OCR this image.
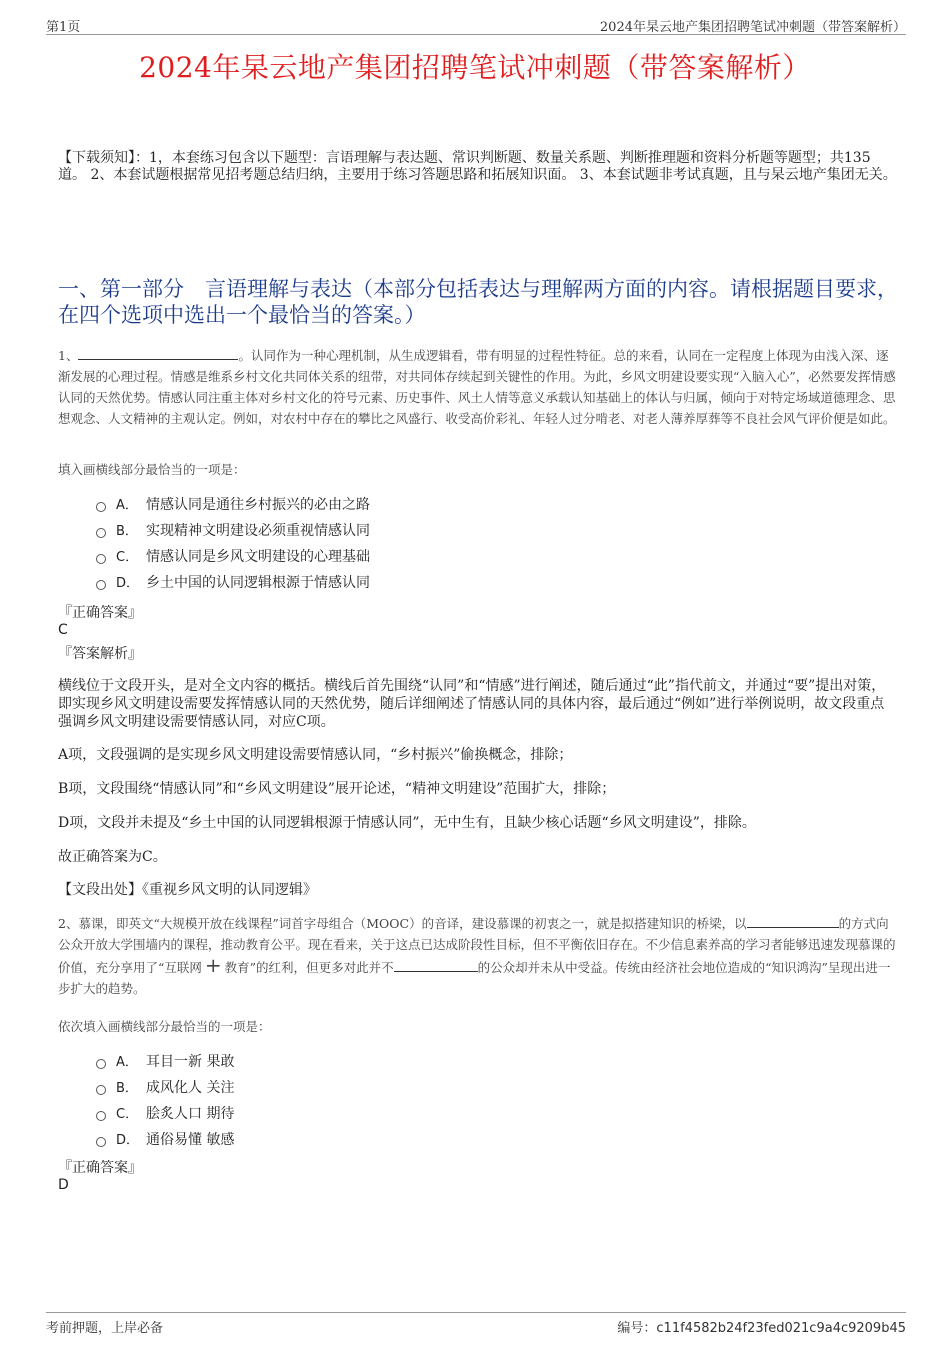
第1页	2024年杲云地产集团招聘笔试冲刺题（带答案解析）
2024年杲云地产集团招聘笔试冲刺题（带答案解析）
【下载须知】：1，本套练习包含以下题型：言语理解与表达题、常识判断题、数量关系题、判断推理题和资料分析题等题型；共135道。 2、本套试题根据常见招考题总结归纳，主要用于练习答题思路和拓展知识面。 3、本套试题非考试真题，且与杲云地产集团无关。
一、第一部分　言语理解与表达（本部分包括表达与理解两方面的内容。请根据题目要求，在四个选项中选出一个最恰当的答案。）
1、	。认同作为一种心理机制，从生成逻辑看，带有明显的过程性特征。总的来看，认同在一定程度上体现为由浅入深、逐渐发展的心理过程。情感是维系乡村文化共同体关系的纽带，对共同体存续起到关键性的作用。为此，乡风文明建设要实现“入脑入心”，必然要发挥情感认同的天然优势。情感认同注重主体对乡村文化的符号元素、历史事件、风土人情等意义承载认知基础上的体认与归属，倾向于对特定场域道德理念、思想观念、人文精神的主观认定。例如，对农村中存在的攀比之风盛行、收受高价彩礼、年轻人过分啃老、对老人薄养厚葬等不良社会风气评价便是如此。
填入画横线部分最恰当的一项是：
A． 情感认同是通往乡村振兴的必由之路
B． 实现精神文明建设必须重视情感认同
C． 情感认同是乡风文明建设的心理基础
D． 乡土中国的认同逻辑根源于情感认同
『正确答案』
C
『答案解析』
横线位于文段开头，是对全文内容的概括。横线后首先围绕“认同”和“情感”进行阐述，随后通过“此”指代前文，并通过“要”提出对策，即实现乡风文明建设需要发挥情感认同的天然优势，随后详细阐述了情感认同的具体内容，最后通过“例如”进行举例说明，故文段重点强调乡风文明建设需要情感认同，对应C项。
A项，文段强调的是实现乡风文明建设需要情感认同，“乡村振兴”偷换概念，排除；
B项，文段围绕“情感认同”和“乡风文明建设”展开论述，“精神文明建设”范围扩大，排除；
D项，文段并未提及“乡土中国的认同逻辑根源于情感认同”，无中生有，且缺少核心话题“乡风文明建设”，排除。
故正确答案为C。
【文段出处】《重视乡风文明的认同逻辑》
2、慕课，即英文“大规模开放在线课程”词首字母组合（MOOC）的音译，建设慕课的初衷之一，就是拟搭建知识的桥梁，以	的方式向公众开放大学围墙内的课程，推动教育公平。现在看来，关于这点已达成阶段性目标，但不平衡依旧存在。不少信息素养高的学习者能够迅速发现慕课的价值，充分享用了“互联网 + 教育”的红利，但更多对此并不	的公众却并未从中受益。传统由经济社会地位造成的“知识鸿沟”呈现出进一步扩大的趋势。
依次填入画横线部分最恰当的一项是：
A． 耳目一新 果敢
B． 成风化人 关注
C． 脍炙人口 期待
D． 通俗易懂 敏感
『正确答案』
D
考前押题，上岸必备	编号：c11f4582b24f23fed021c9a4c9209b45
